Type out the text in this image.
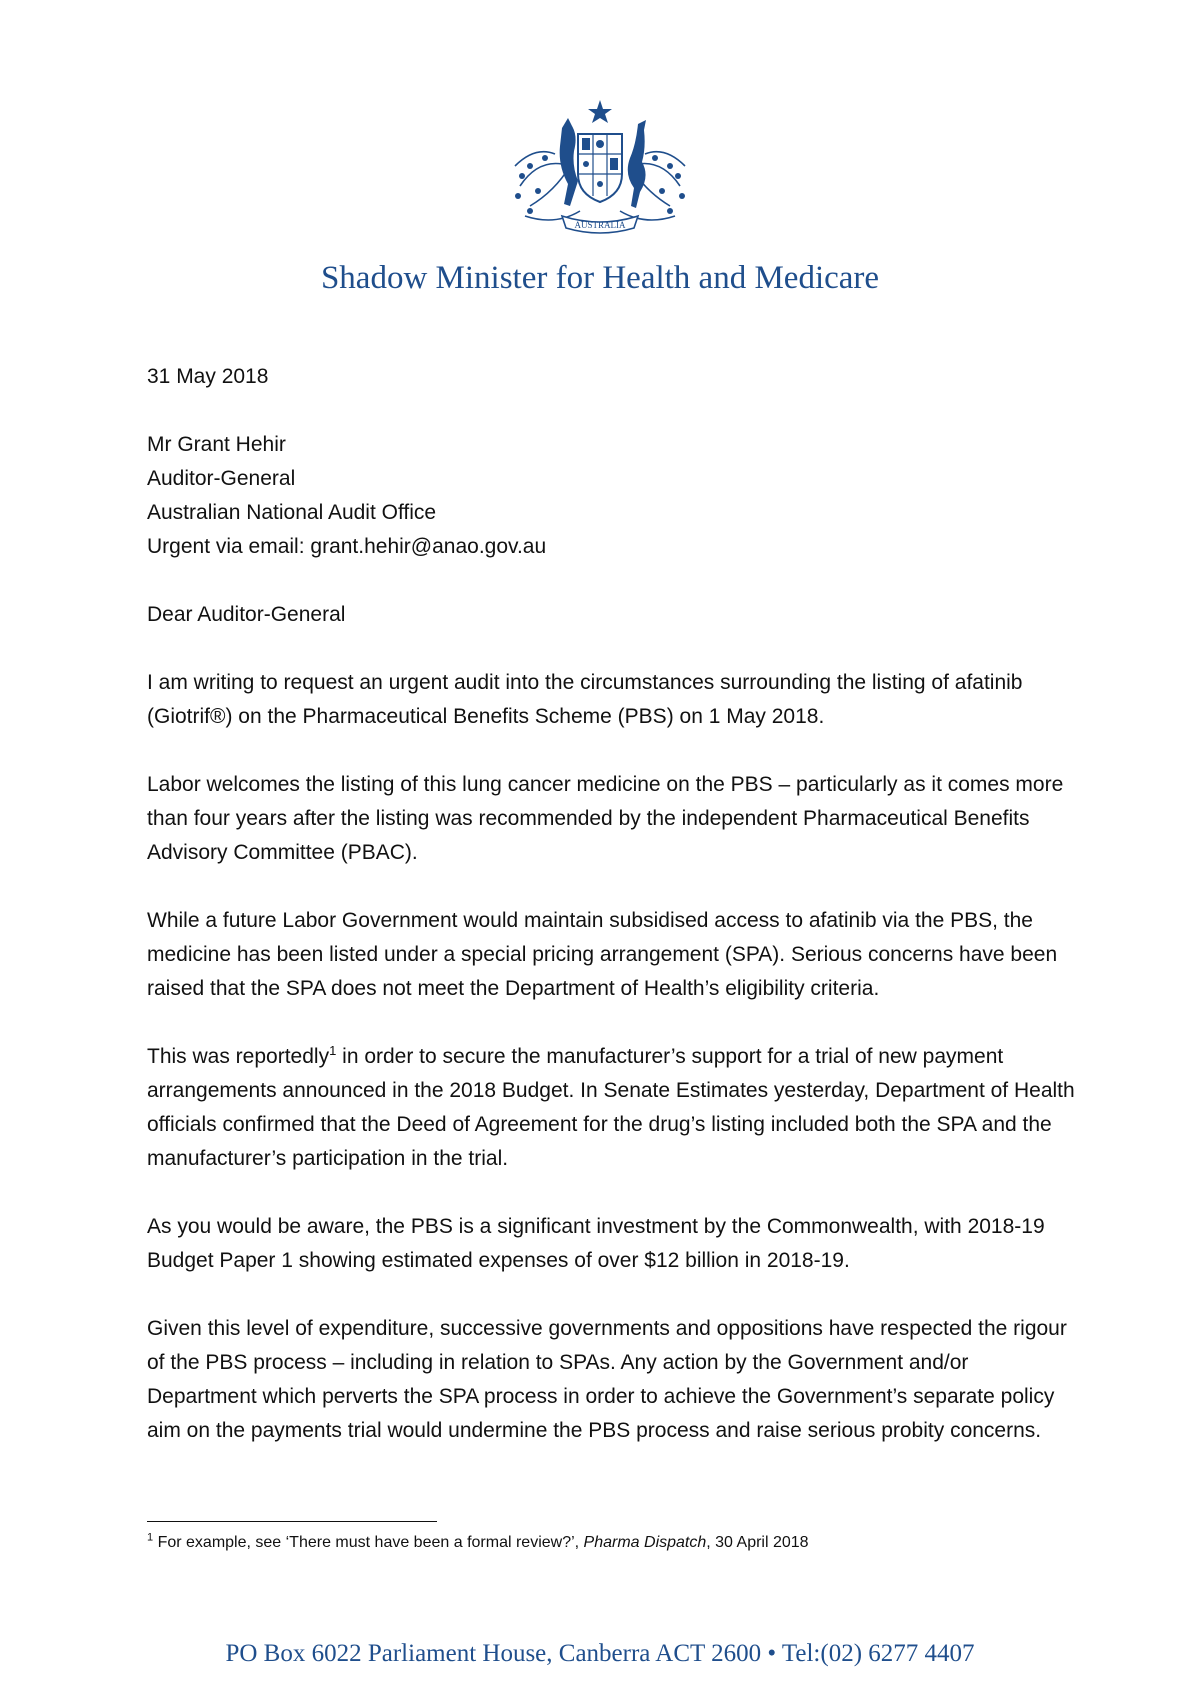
AUSTRALIA
Shadow Minister for Health and Medicare

31 May 2018

Mr Grant Hehir

Auditor-General

Australian National Audit Office

Urgent via email: grant.hehir@anao.gov.au

Dear Auditor-General

I am writing to request an urgent audit into the circumstances surrounding the listing of afatinib (Giotrif®) on the Pharmaceutical Benefits Scheme (PBS) on 1 May 2018.

Labor welcomes the listing of this lung cancer medicine on the PBS – particularly as it comes more than four years after the listing was recommended by the independent Pharmaceutical Benefits Advisory Committee (PBAC).

While a future Labor Government would maintain subsidised access to afatinib via the PBS, the medicine has been listed under a special pricing arrangement (SPA). Serious concerns have been raised that the SPA does not meet the Department of Health’s eligibility criteria.

This was reportedly$^1$ in order to secure the manufacturer’s support for a trial of new payment arrangements announced in the 2018 Budget. In Senate Estimates yesterday, Department of Health officials confirmed that the Deed of Agreement for the drug’s listing included both the SPA and the manufacturer’s participation in the trial.

As you would be aware, the PBS is a significant investment by the Commonwealth, with 2018-19 Budget Paper 1 showing estimated expenses of over $12 billion in 2018-19.

Given this level of expenditure, successive governments and oppositions have respected the rigour of the PBS process – including in relation to SPAs. Any action by the Government and/or Department which perverts the SPA process in order to achieve the Government’s separate policy aim on the payments trial would undermine the PBS process and raise serious probity concerns.

$^1$ For example, see ‘There must have been a formal review?’, Pharma Dispatch, 30 April 2018
PO Box 6022 Parliament House, Canberra ACT 2600 • Tel:(02) 6277 4407
